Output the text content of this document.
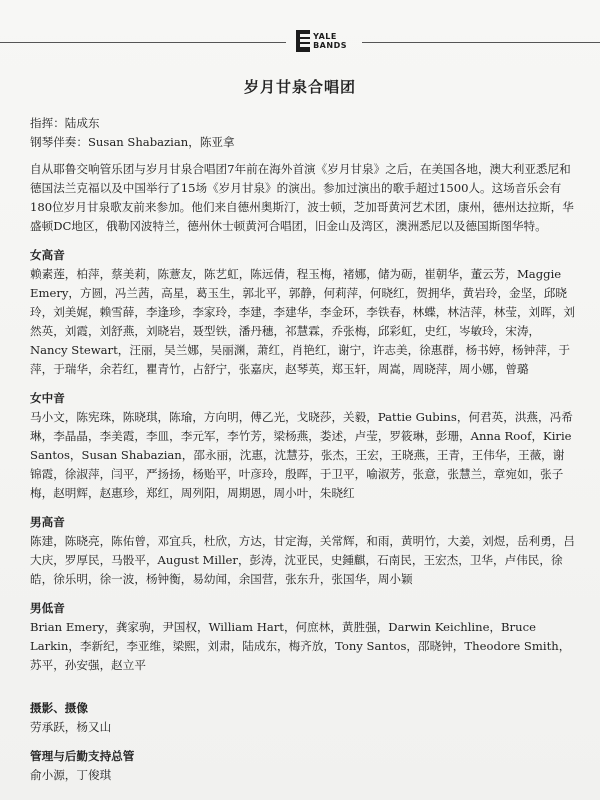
YALE BANDS
岁月甘泉合唱团
指挥：陆成东
钢琴伴奏：Susan Shabazian，陈亚拿
自从耶鲁交响管乐团与岁月甘泉合唱团7年前在海外首演《岁月甘泉》之后，在美国各地，澳大利亚悉尼和德国法兰克福以及中国举行了15场《岁月甘泉》的演出。参加过演出的歌手超过1500人。这场音乐会有180位岁月甘泉歌友前来参加。他们来自德州奥斯汀，波士顿，芝加哥黄河艺术团，康州，德州达拉斯，华盛顿DC地区，俄勒冈波特兰，德州休士顿黄河合唱团，旧金山及湾区，澳洲悉尼以及德国斯图华特。
女高音
赖素莲，柏萍，蔡美莉，陈薏友，陈艺虹，陈远倩，程玉梅，褚娜，储为砺，崔朝华，董云芳，Maggie Emery，方圆，冯兰茜，高星，葛玉生，郭北平，郭静，何莉萍，何晓红，贺拥华，黄岩玲，金坚，邱晓玲，刘美娓，赖雪薛，李逢珍，李家玲，李建，李建华，李金环，李铁春，林蝶，林洁萍，林莹，刘晖，刘然英，刘霞，刘舒燕，刘晓岩，聂型铁，潘丹穗，祁慧霖，乔张梅，邱彩虹，史红，岑敏玲，宋涛，Nancy Stewart，汪丽，吴兰娜，吴丽渊，萧红，肖艳红，谢宁，许志美，徐惠群，杨书婷，杨钟萍，于萍，于瑞华，余若红，瞿青竹，占舒宁，张嘉庆，赵琴英，郑玉轩，周嵩，周晓萍，周小娜，曾璐
女中音
马小文，陈宪珠，陈晓琪，陈瑜，方向明，傅乙光，戈晓莎，关毅，Pattie Gubins，何君英，洪燕，冯希琳，李晶晶，李美霞，李皿，李元军，李竹芳，梁杨燕，娄述，卢莹，罗筱琳，彭珊，Anna Roof，Kirie Santos，Susan Shabazian，邵永丽，沈惠，沈慧芬，张杰，王宏，王晓燕，王青，王伟华，王薇，谢锦霞，徐淑萍，闫平，严扬扬，杨贻平，叶彦玲，殷晖，于卫平，喻淑芳，张意，张慧兰，章宛如，张子梅，赵明辉，赵惠珍，郑红，周列阳，周期恩，周小叶，朱晓红
男高音
陈建，陈晓亮，陈佑曾，邓宜兵，杜欣，方达，甘定海，关常辉，和雨，黄明竹，大姜，刘煜，岳利勇，吕大庆，罗厚民，马骰平，August Miller，彭涛，沈亚民，史鍾麒，石南民，王宏杰，卫华，卢伟民，徐皓，徐乐明，徐一波，杨钟衡，易幼闻，余国营，张东升，张国华，周小颖
男低音
Brian Emery，龚家驹，尹国权，William Hart，何庶林，黄胜强，Darwin Keichline，Bruce Larkin，李新纪，李亚维，梁熙，刘肃，陆成东，梅齐放，Tony Santos，邵晓钟，Theodore Smith，苏平，孙安强，赵立平
摄影、摄像
劳承跃，杨又山
管理与后勤支持总管
俞小源，丁俊琪
